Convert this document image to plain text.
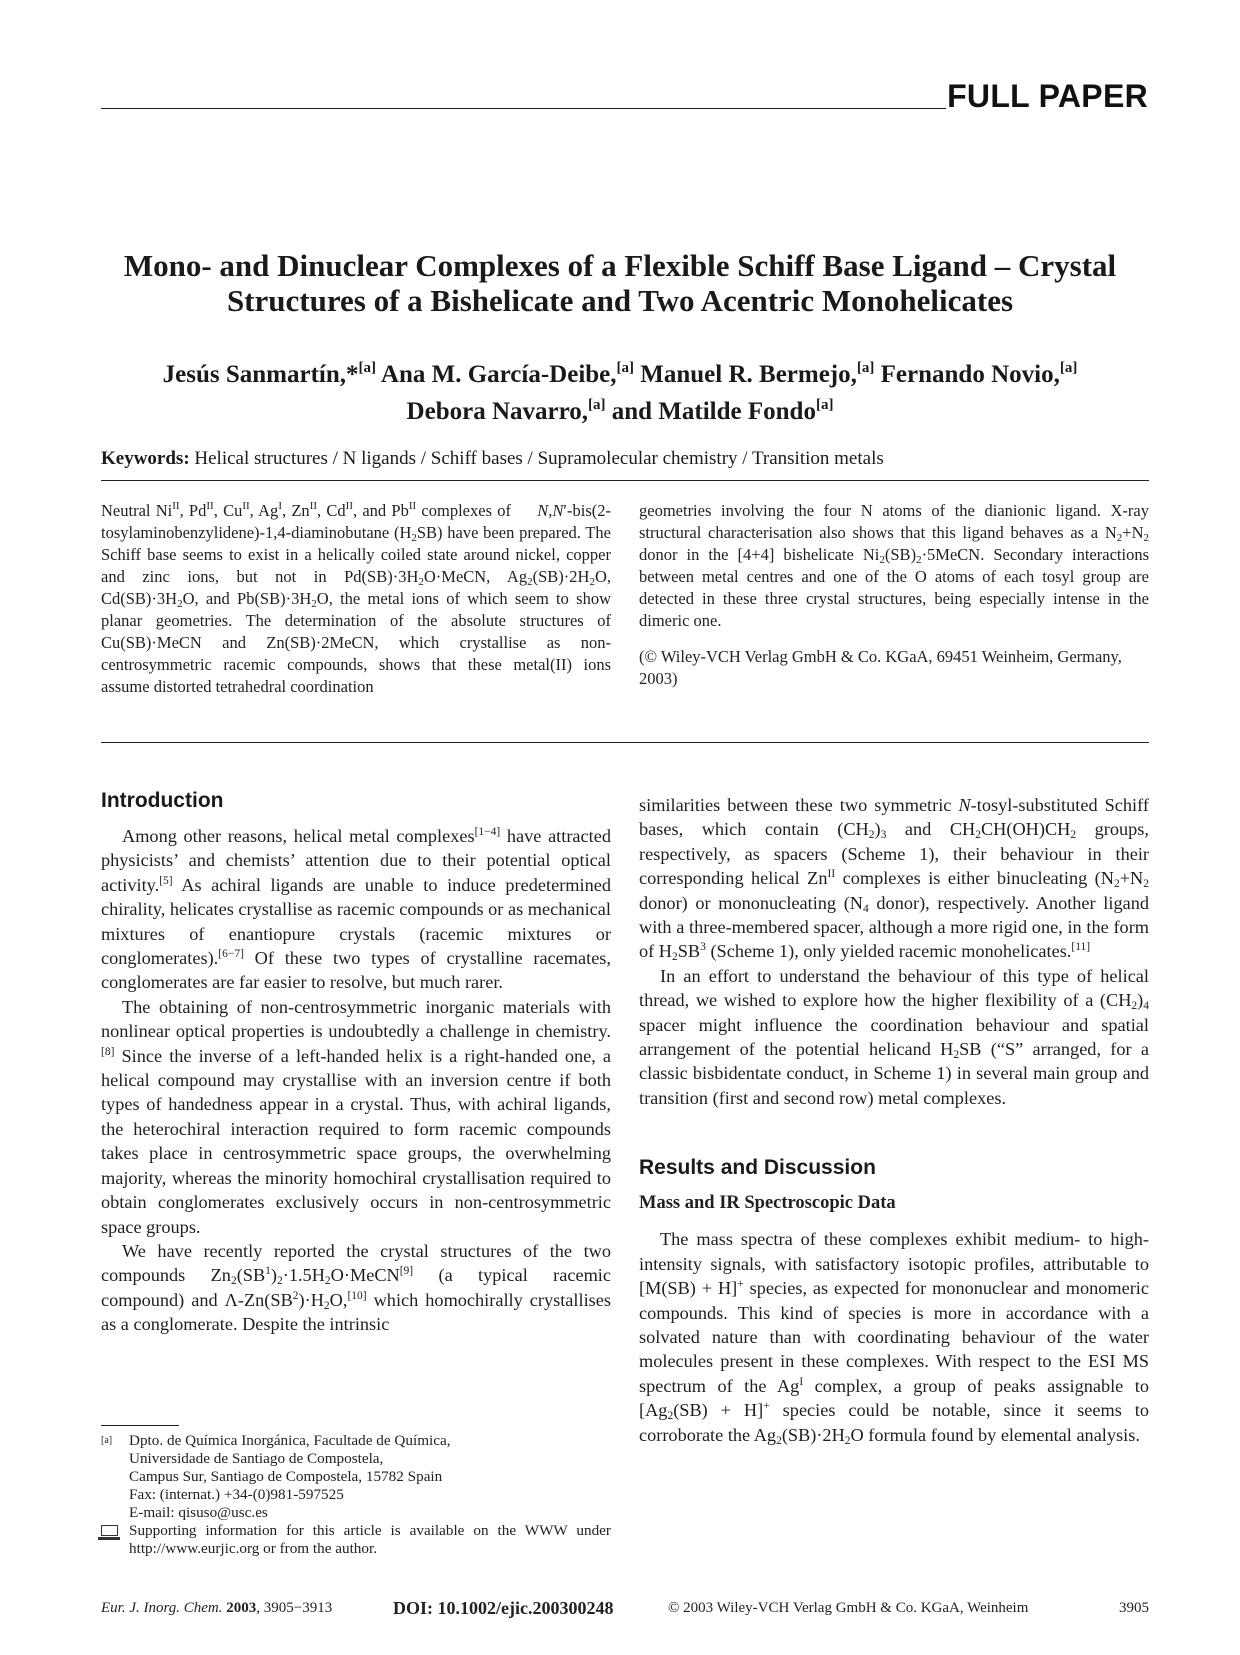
FULL PAPER
Mono- and Dinuclear Complexes of a Flexible Schiff Base Ligand – Crystal
Structures of a Bishelicate and Two Acentric Monohelicates
Jesús Sanmartín,*[a] Ana M. García-Deibe,[a] Manuel R. Bermejo,[a] Fernando Novio,[a]
Debora Navarro,[a] and Matilde Fondo[a]
Keywords: Helical structures / N ligands / Schiff bases / Supramolecular chemistry / Transition metals

Neutral $Ni^{II}$, $Pd^{II}$, $Cu^{II}$, $Ag^I$, $Zn^{II}$, $Cd^{II}$, and $Pb^{II}$ complexes of     N,N′-bis(2-tosylaminobenzylidene)-1,4-diaminobutane $(H_2SB)$ have been prepared. The Schiff base seems to exist in a helically coiled state around nickel, copper and zinc ions, but not in $Pd(SB)\cdot 3H_2O\cdot MeCN$, $Ag_2(SB)\cdot 2H_2O$, $Cd(SB)\cdot 3H_2O$, and $Pb(SB)\cdot 3H_2O$, the metal ions of which seem to show planar geometries. The determination of the absolute structures of Cu(SB)·MeCN and Zn(SB)·2MeCN, which crystallise as non-centrosymmetric racemic compounds, shows that these metal(II) ions assume distorted tetrahedral coordination

geometries involving the four N atoms of the dianionic ligand. X-ray structural characterisation also shows that this ligand behaves as a $N_2+N_2$ donor in the [4+4] bishelicate $Ni_2(SB)_2\cdot 5MeCN$. Secondary interactions between metal centres and one of the O atoms of each tosyl group are detected in these three crystal structures, being especially intense in the dimeric one.

(© Wiley-VCH Verlag GmbH & Co. KGaA, 69451 Weinheim, Germany, 2003)

Introduction

Among other reasons, helical metal complexes[1−4] have attracted physicists’ and chemists’ attention due to their potential optical activity.[5] As achiral ligands are unable to induce predetermined chirality, helicates crystallise as racemic compounds or as mechanical mixtures of enantiopure crystals (racemic mixtures or conglomerates).[6−7] Of these two types of crystalline racemates, conglomerates are far easier to resolve, but much rarer.

The obtaining of non-centrosymmetric inorganic materials with nonlinear optical properties is undoubtedly a challenge in chemistry.[8] Since the inverse of a left-handed helix is a right-handed one, a helical compound may crystallise with an inversion centre if both types of handedness appear in a crystal. Thus, with achiral ligands, the heterochiral interaction required to form racemic compounds takes place in centrosymmetric space groups, the overwhelming majority, whereas the minority homochiral crystallisation required to obtain conglomerates exclusively occurs in non-centrosymmetric space groups.

We have recently reported the crystal structures of the two compounds $Zn_2(SB^1)_2\cdot 1.5H_2O\cdot MeCN[9]$ (a typical racemic compound) and $\Lambda-Zn(SB^2)\cdot H_2O,[10]$ which homochirally crystallises as a conglomerate. Despite the intrinsic

similarities between these two symmetric N-tosyl-substituted Schiff bases, which contain $(CH_2)_3$ and $CH_2CH(OH)CH_2$ groups, respectively, as spacers (Scheme 1), their behaviour in their corresponding helical $Zn^{II}$ complexes is either binucleating ($N_2+N_2$ donor) or mononucleating ($N_4$ donor), respectively. Another ligand with a three-membered spacer, although a more rigid one, in the form of $H_2SB^3$ (Scheme 1), only yielded racemic monohelicates.[11]

In an effort to understand the behaviour of this type of helical thread, we wished to explore how the higher flexibility of a $(CH_2)_4$ spacer might influence the coordination behaviour and spatial arrangement of the potential helicand $H_2SB$ (“S” arranged, for a classic bisbidentate conduct, in Scheme 1) in several main group and transition (first and second row) metal complexes.

Results and Discussion
Mass and IR Spectroscopic Data

The mass spectra of these complexes exhibit medium- to high-intensity signals, with satisfactory isotopic profiles, attributable to [M(SB) + H]+ species, as expected for mononuclear and monomeric compounds. This kind of species is more in accordance with a solvated nature than with coordinating behaviour of the water molecules present in these complexes. With respect to the ESI MS spectrum of the $Ag^I$ complex, a group of peaks assignable to $[Ag_2(SB) + H]^+$ species could be notable, since it seems to corroborate the $Ag_2(SB)\cdot 2H_2O$ formula found by elemental analysis.

[a]	Dpto. de Química Inorgánica, Facultade de Química,
Universidade de Santiago de Compostela,
Campus Sur, Santiago de Compostela, 15782 Spain
Fax: (internat.) +34-(0)981-597525
E-mail: qisuso@usc.es
Supporting information for this article is available on the WWW under http://www.eurjic.org or from the author.
Eur. J. Inorg. Chem. 2003, 3905−3913	DOI: 10.1002/ejic.200300248	© 2003 Wiley-VCH Verlag GmbH & Co. KGaA, Weinheim	3905
